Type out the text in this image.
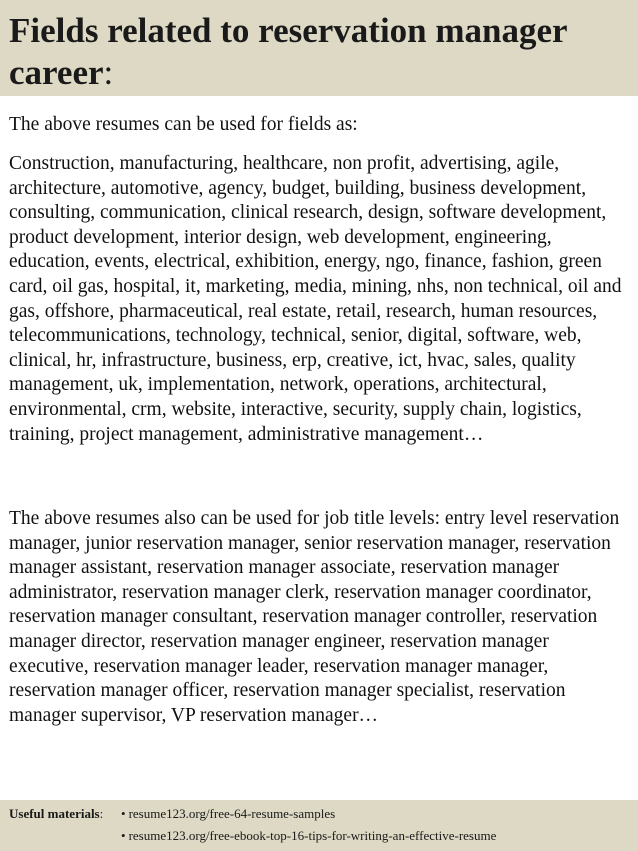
Fields related to reservation manager career:

The above resumes can be used for fields as:

Construction, manufacturing, healthcare, non profit, advertising, agile, architecture, automotive, agency, budget, building, business development, consulting, communication, clinical research, design, software development, product development, interior design, web development, engineering, education, events, electrical, exhibition, energy, ngo, finance, fashion, green card, oil gas, hospital, it, marketing, media, mining, nhs, non technical, oil and gas, offshore, pharmaceutical, real estate, retail, research, human resources, telecommunications, technology, technical, senior, digital, software, web, clinical, hr, infrastructure, business, erp, creative, ict, hvac, sales, quality management, uk, implementation, network, operations, architectural, environmental, crm, website, interactive, security, supply chain, logistics, training, project management, administrative management…

The above resumes also can be used for job title levels: entry level reservation manager, junior reservation manager, senior reservation manager, reservation manager assistant, reservation manager associate, reservation manager administrator, reservation manager clerk, reservation manager coordinator, reservation manager consultant, reservation manager controller, reservation manager director, reservation manager engineer, reservation manager executive, reservation manager leader, reservation manager manager, reservation manager officer, reservation manager specialist, reservation manager supervisor, VP reservation manager…

Useful materials: • resume123.org/free-64-resume-samples
• resume123.org/free-ebook-top-16-tips-for-writing-an-effective-resume
